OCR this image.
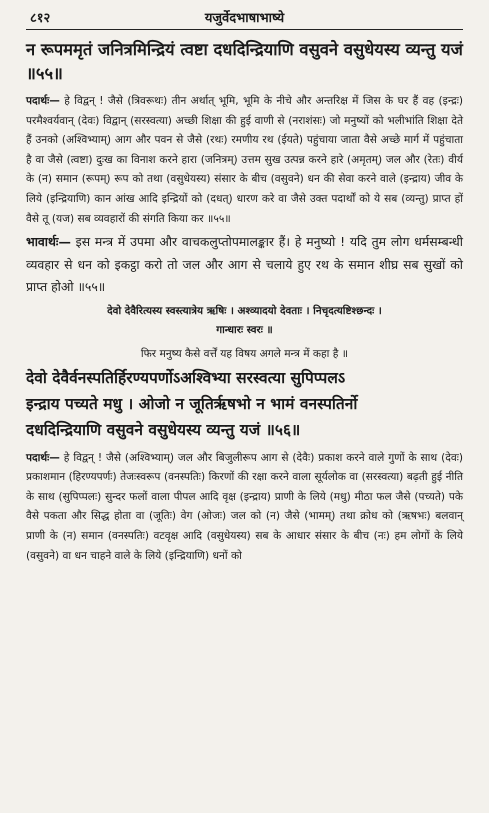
८१२	यजुर्वेदभाषाभाष्ये
न रूपममृतं जनित्रमिन्द्रियं त्वष्टा दधदिन्द्रियाणि वसुवने वसुधेयस्य व्यन्तु यजं ॥५५॥

पदार्थः— हे विद्वन् ! जैसे (त्रिवरूथः) तीन अर्थात् भूमि, भूमि के नीचे और अन्तरिक्ष में जिस के घर हैं वह (इन्द्रः) परमैश्वर्यवान् (देवः) विद्वान् (सरस्वत्या) अच्छी शिक्षा की हुई वाणी से (नराशंसः) जो मनुष्यों को भलीभांति शिक्षा देते हैं उनको (अश्विभ्याम्) आग और पवन से जैसे (रथः) रमणीय रथ (ईयते) पहुंचाया जाता वैसे अच्छे मार्ग में पहुंचाता है वा जैसे (त्वष्टा) दुःख का विनाश करने हारा (जनित्रम्) उत्तम सुख उत्पन्न करने हारे (अमृतम्) जल और (रेतः) वीर्य के (न) समान (रूपम्) रूप को तथा (वसुधेयस्य) संसार के बीच (वसुवने) धन की सेवा करने वाले (इन्द्राय) जीव के लिये (इन्द्रियाणि) कान आंख आदि इन्द्रियों को (दधत्) धारण करे वा जैसे उक्त पदार्थों को ये सब (व्यन्तु) प्राप्त हों वैसे तू (यज) सब व्यवहारों की संगति किया कर ॥५५॥

भावार्थः— इस मन्त्र में उपमा और वाचकलुप्तोपमालङ्कार हैं। हे मनुष्यो ! यदि तुम लोग धर्मसम्बन्धी व्यवहार से धन को इकट्ठा करो तो जल और आग से चलाये हुए रथ के समान शीघ्र सब सुखों को प्राप्त होओ ॥५५॥

देवो देवैरित्यस्य स्वस्त्यात्रेय ऋषिः । अश्व्यादयो देवताः । निचृदत्यष्टिश्छन्दः ।
गान्धारः स्वरः ॥
फिर मनुष्य कैसे वर्त्तें यह विषय अगले मन्त्र में कहा है ॥
देवो देवैर्वनस्पतिर्हिरण्यपर्णोऽअश्विभ्या सरस्वत्या सुपिप्पलऽ
इन्द्राय पच्यते मधु । ओजो न जूतिर्ऋषभो न भामं वनस्पतिर्नो
दधदिन्द्रियाणि वसुवने वसुधेयस्य व्यन्तु यजं ॥५६॥

पदार्थः— हे विद्वन् ! जैसे (अश्विभ्याम्) जल और बिजुलीरूप आग से (देवैः) प्रकाश करने वाले गुणों के साथ (देवः) प्रकाशमान (हिरण्यपर्णः) तेजःस्वरूप (वनस्पतिः) किरणों की रक्षा करने वाला सूर्यलोक वा (सरस्वत्या) बढ़ती हुई नीति के साथ (सुपिप्पलः) सुन्दर फलों वाला पीपल आदि वृक्ष (इन्द्राय) प्राणी के लिये (मधु) मीठा फल जैसे (पच्यते) पके वैसे पकता और सिद्ध होता वा (जूतिः) वेग (ओजः) जल को (न) जैसे (भामम्) तथा क्रोध को (ऋषभः) बलवान् प्राणी के (न) समान (वनस्पतिः) वटवृक्ष आदि (वसुधेयस्य) सब के आधार संसार के बीच (नः) हम लोगों के लिये (वसुवने) वा धन चाहने वाले के लिये (इन्द्रियाणि) धनों को
